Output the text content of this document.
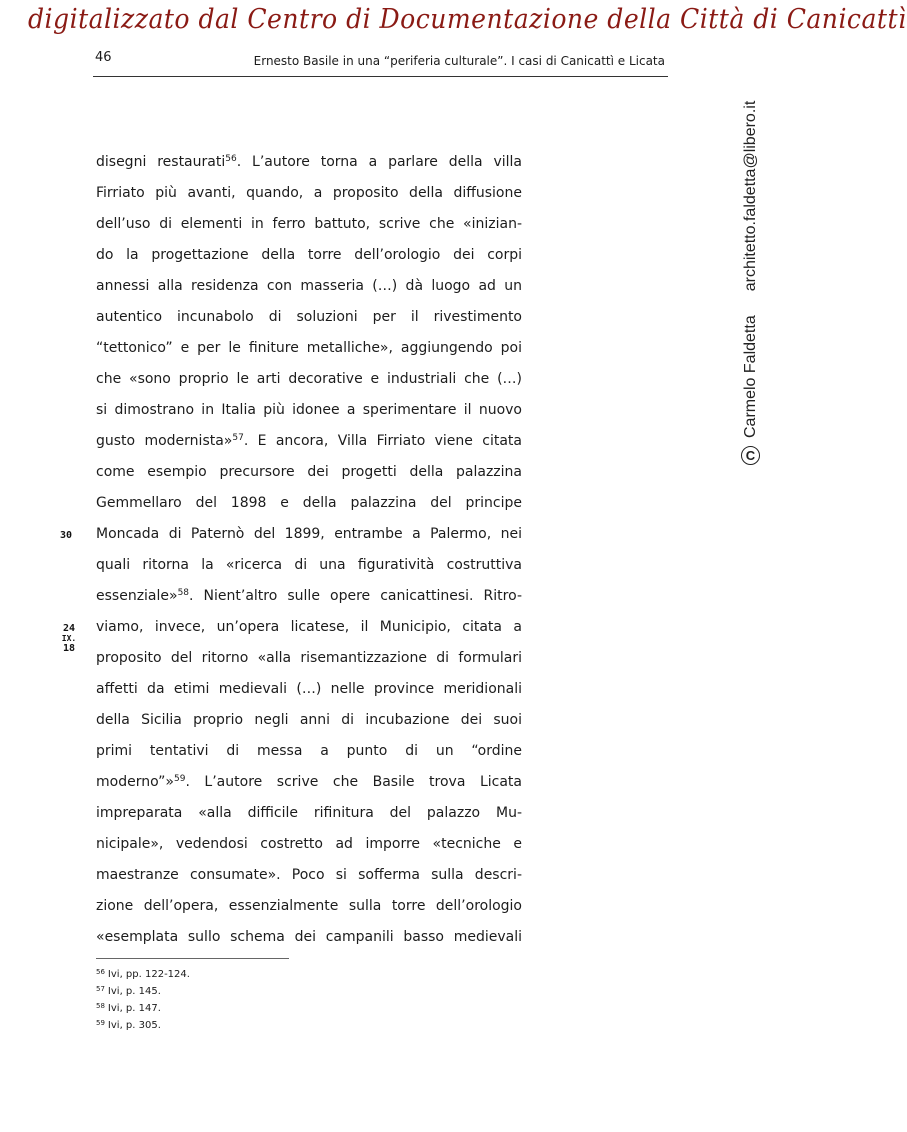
digitalizzato dal Centro di Documentazione della Città di Canicattì
46	Ernesto Basile in una “periferia culturale”. I casi di Canicattì e Licata
disegni restaurati$^{56}$. L’autore torna a parlare della villa
Firriato più avanti, quando, a proposito della diffusione
dell’uso di elementi in ferro battuto, scrive che «inizian-
do la progettazione della torre dell’orologio dei corpi
annessi alla residenza con masseria (…) dà luogo ad un
autentico incunabolo di soluzioni per il rivestimento
“tettonico” e per le finiture metalliche», aggiungendo poi
che «sono proprio le arti decorative e industriali che (…)
si dimostrano in Italia più idonee a sperimentare il nuovo
gusto modernista»$^{57}$. E ancora, Villa Firriato viene citata
come esempio precursore dei progetti della palazzina
Gemmellaro del 1898 e della palazzina del principe
Moncada di Paternò del 1899, entrambe a Palermo, nei
quali ritorna la «ricerca di una figuratività costruttiva
essenziale»$^{58}$. Nient’altro sulle opere canicattinesi. Ritro-
viamo, invece, un’opera licatese, il Municipio, citata a
proposito del ritorno «alla risemantizzazione di formulari
affetti da etimi medievali (…) nelle province meridionali
della Sicilia proprio negli anni di incubazione dei suoi
primi tentativi di messa a punto di un “ordine
moderno”»$^{59}$. L’autore scrive che Basile trova Licata
impreparata «alla difficile rifinitura del palazzo Mu-
nicipale», vedendosi costretto ad imporre «tecniche e
maestranze consumate». Poco si sofferma sulla descri-
zione dell’opera, essenzialmente sulla torre dell’orologio
«esemplata sullo schema dei campanili basso medievali
30
24
IX.
18
$^{56}$ Ivi, pp. 122-124.
$^{57}$ Ivi, p. 145.
$^{58}$ Ivi, p. 147.
$^{59}$ Ivi, p. 305.
C
Carmelo Faldetta
architetto.faldetta@libero.it
